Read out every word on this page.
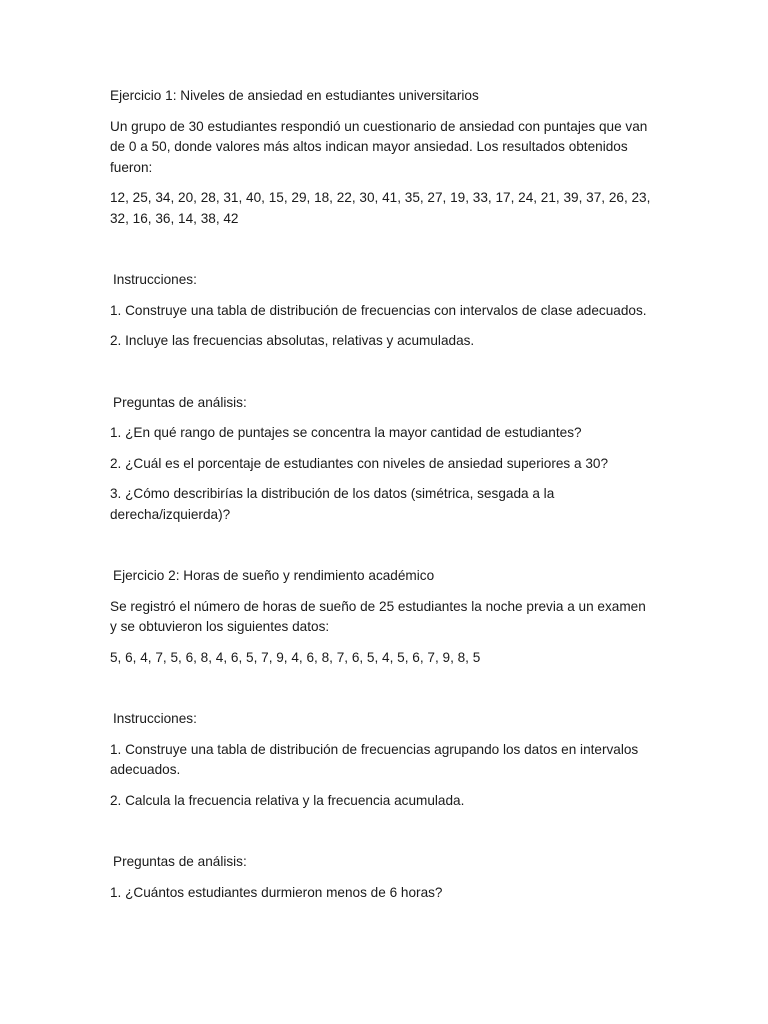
Ejercicio 1: Niveles de ansiedad en estudiantes universitarios

Un grupo de 30 estudiantes respondió un cuestionario de ansiedad con puntajes que van de 0 a 50, donde valores más altos indican mayor ansiedad. Los resultados obtenidos fueron:

12, 25, 34, 20, 28, 31, 40, 15, 29, 18, 22, 30, 41, 35, 27, 19, 33, 17, 24, 21, 39, 37, 26, 23, 32, 16, 36, 14, 38, 42

Instrucciones:

1. Construye una tabla de distribución de frecuencias con intervalos de clase adecuados.

2. Incluye las frecuencias absolutas, relativas y acumuladas.

Preguntas de análisis:

1. ¿En qué rango de puntajes se concentra la mayor cantidad de estudiantes?

2. ¿Cuál es el porcentaje de estudiantes con niveles de ansiedad superiores a 30?

3. ¿Cómo describirías la distribución de los datos (simétrica, sesgada a la derecha/izquierda)?

Ejercicio 2: Horas de sueño y rendimiento académico

Se registró el número de horas de sueño de 25 estudiantes la noche previa a un examen y se obtuvieron los siguientes datos:

5, 6, 4, 7, 5, 6, 8, 4, 6, 5, 7, 9, 4, 6, 8, 7, 6, 5, 4, 5, 6, 7, 9, 8, 5

Instrucciones:

1. Construye una tabla de distribución de frecuencias agrupando los datos en intervalos adecuados.

2. Calcula la frecuencia relativa y la frecuencia acumulada.

Preguntas de análisis:

1. ¿Cuántos estudiantes durmieron menos de 6 horas?
